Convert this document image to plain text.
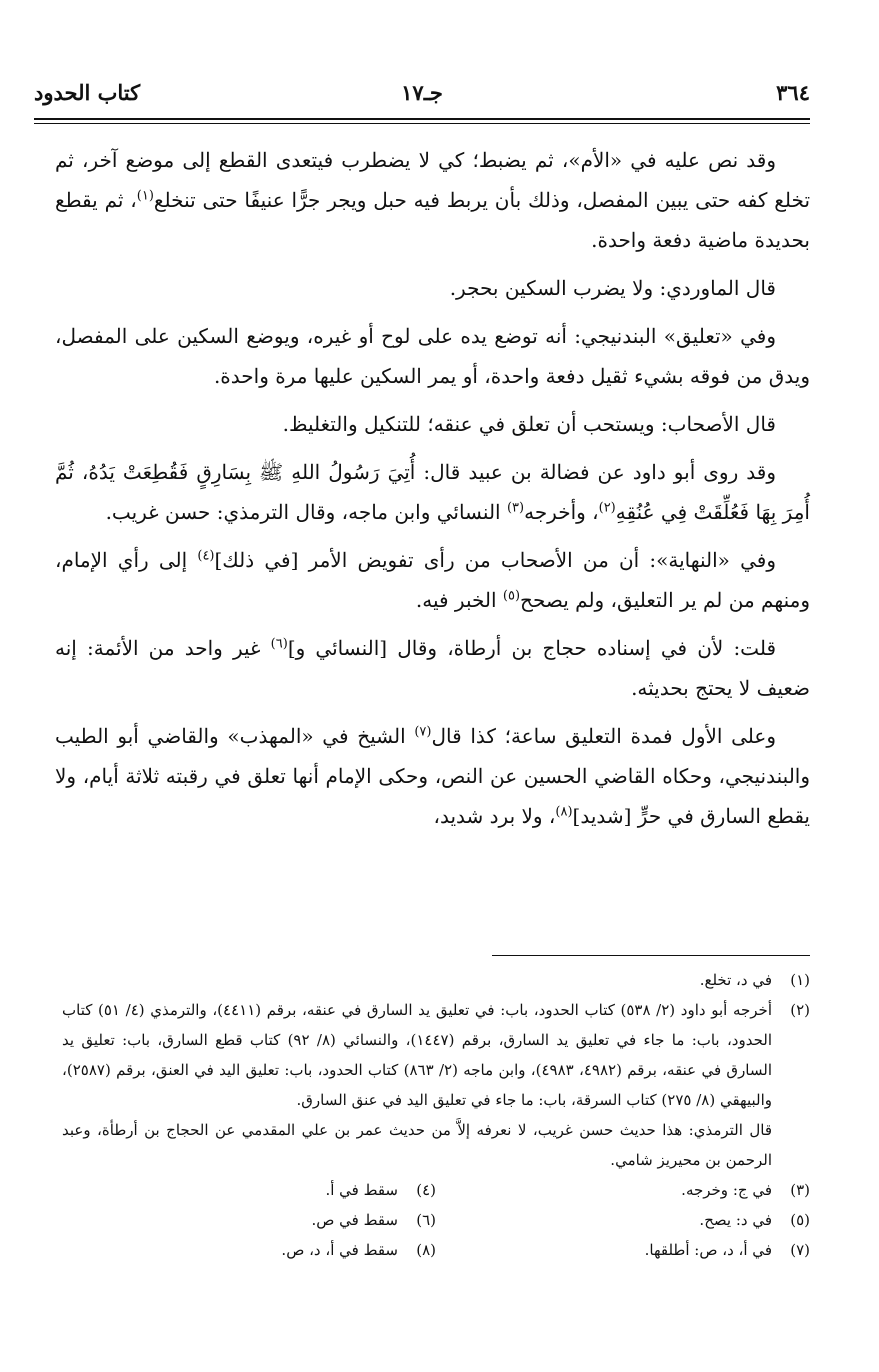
كتاب الحدود	جـ١٧	٣٦٤

وقد نص عليه في «الأم»، ثم يضبط؛ كي لا يضطرب فيتعدى القطع إلى موضع آخر، ثم تخلع كفه حتى يبين المفصل، وذلك بأن يربط فيه حبل ويجر جرًّا عنيفًا حتى تنخلع$^{(١)}$، ثم يقطع بحديدة ماضية دفعة واحدة.

قال الماوردي: ولا يضرب السكين بحجر.

وفي «تعليق» البندنيجي: أنه توضع يده على لوح أو غيره، ويوضع السكين على المفصل، ويدق من فوقه بشيء ثقيل دفعة واحدة، أو يمر السكين عليها مرة واحدة.

قال الأصحاب: ويستحب أن تعلق في عنقه؛ للتنكيل والتغليظ.

وقد روى أبو داود عن فضالة بن عبيد قال: أُتِيَ رَسُولُ اللهِ ﷺ بِسَارِقٍ فَقُطِعَتْ يَدُهُ، ثُمَّ أُمِرَ بِهَا فَعُلِّقَتْ فِي عُنُقِهِ$^{(٢)}$، وأخرجه$^{(٣)}$ النسائي وابن ماجه، وقال الترمذي: حسن غريب.

وفي «النهاية»: أن من الأصحاب من رأى تفويض الأمر [في ذلك]$^{(٤)}$ إلى رأي الإمام، ومنهم من لم ير التعليق، ولم يصحح$^{(٥)}$ الخبر فيه.

قلت: لأن في إسناده حجاج بن أرطاة، وقال [النسائي و]$^{(٦)}$ غير واحد من الأئمة: إنه ضعيف لا يحتج بحديثه.

وعلى الأول فمدة التعليق ساعة؛ كذا قال$^{(٧)}$ الشيخ في «المهذب» والقاضي أبو الطيب والبندنيجي، وحكاه القاضي الحسين عن النص، وحكى الإمام أنها تعلق في رقبته ثلاثة أيام، ولا يقطع السارق في حرٍّ [شديد]$^{(٨)}$، ولا برد شديد،

(١)
في د، تخلع.
(٢)
أخرجه أبو داود (٢/ ٥٣٨) كتاب الحدود، باب: في تعليق يد السارق في عنقه، برقم (٤٤١١)، والترمذي (٤/ ٥١) كتاب الحدود، باب: ما جاء في تعليق يد السارق، برقم (١٤٤٧)، والنسائي (٨/ ٩٢) كتاب قطع السارق، باب: تعليق يد السارق في عنقه، برقم (٤٩٨٢، ٤٩٨٣)، وابن ماجه (٢/ ٨٦٣) كتاب الحدود، باب: تعليق اليد في العنق، برقم (٢٥٨٧)، والبيهقي (٨/ ٢٧٥) كتاب السرقة، باب: ما جاء في تعليق اليد في عنق السارق.
قال الترمذي: هذا حديث حسن غريب، لا نعرفه إلاَّ من حديث عمر بن علي المقدمي عن الحجاج بن أرطأة، وعبد الرحمن بن محيريز شامي.
(٣)
في ج: وخرجه.
(٤)
سقط في أ.
(٥)
في د: يصح.
(٦)
سقط في ص.
(٧)
في أ، د، ص: أطلقها.
(٨)
سقط في أ، د، ص.
